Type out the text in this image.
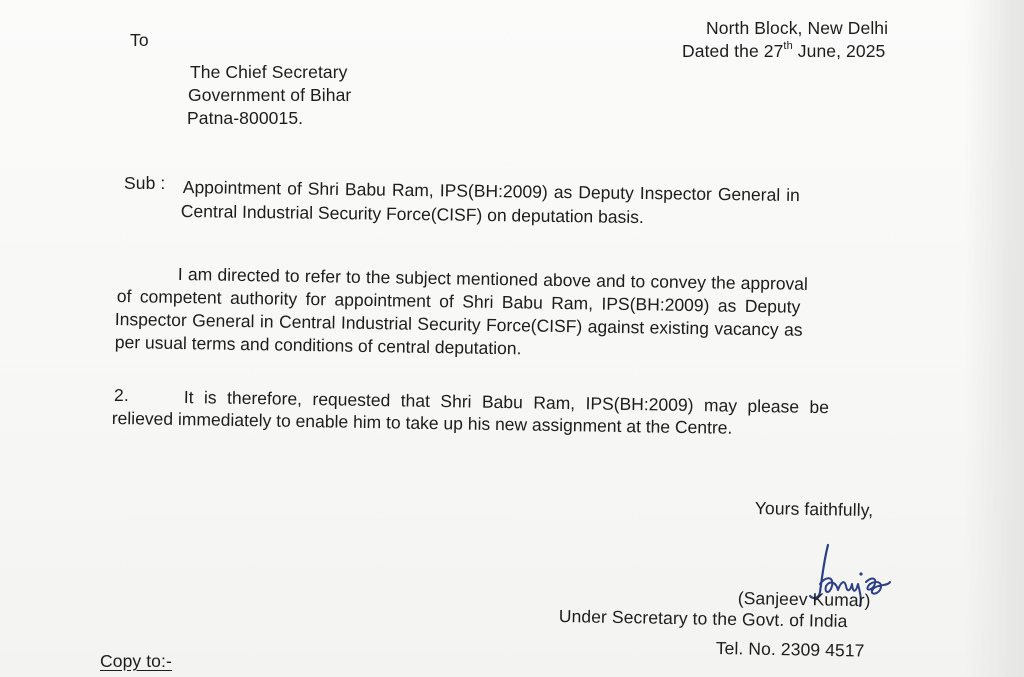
To
North Block, New Delhi
Dated the 27th June, 2025
The Chief Secretary
Government of Bihar
Patna-800015.
Sub : Appointment of Shri Babu Ram, IPS(BH:2009) as Deputy Inspector General in
Central Industrial Security Force(CISF) on deputation basis.
I am directed to refer to the subject mentioned above and to convey the approval
of competent authority for appointment of Shri Babu Ram, IPS(BH:2009) as Deputy
Inspector General in Central Industrial Security Force(CISF) against existing vacancy as
per usual terms and conditions of central deputation.
2.	It is therefore, requested that Shri Babu Ram, IPS(BH:2009) may please be
relieved immediately to enable him to take up his new assignment at the Centre.
Yours faithfully,
(Sanjeev Kumar)
Under Secretary to the Govt. of India
Tel. No. 2309 4517
Copy to:-
